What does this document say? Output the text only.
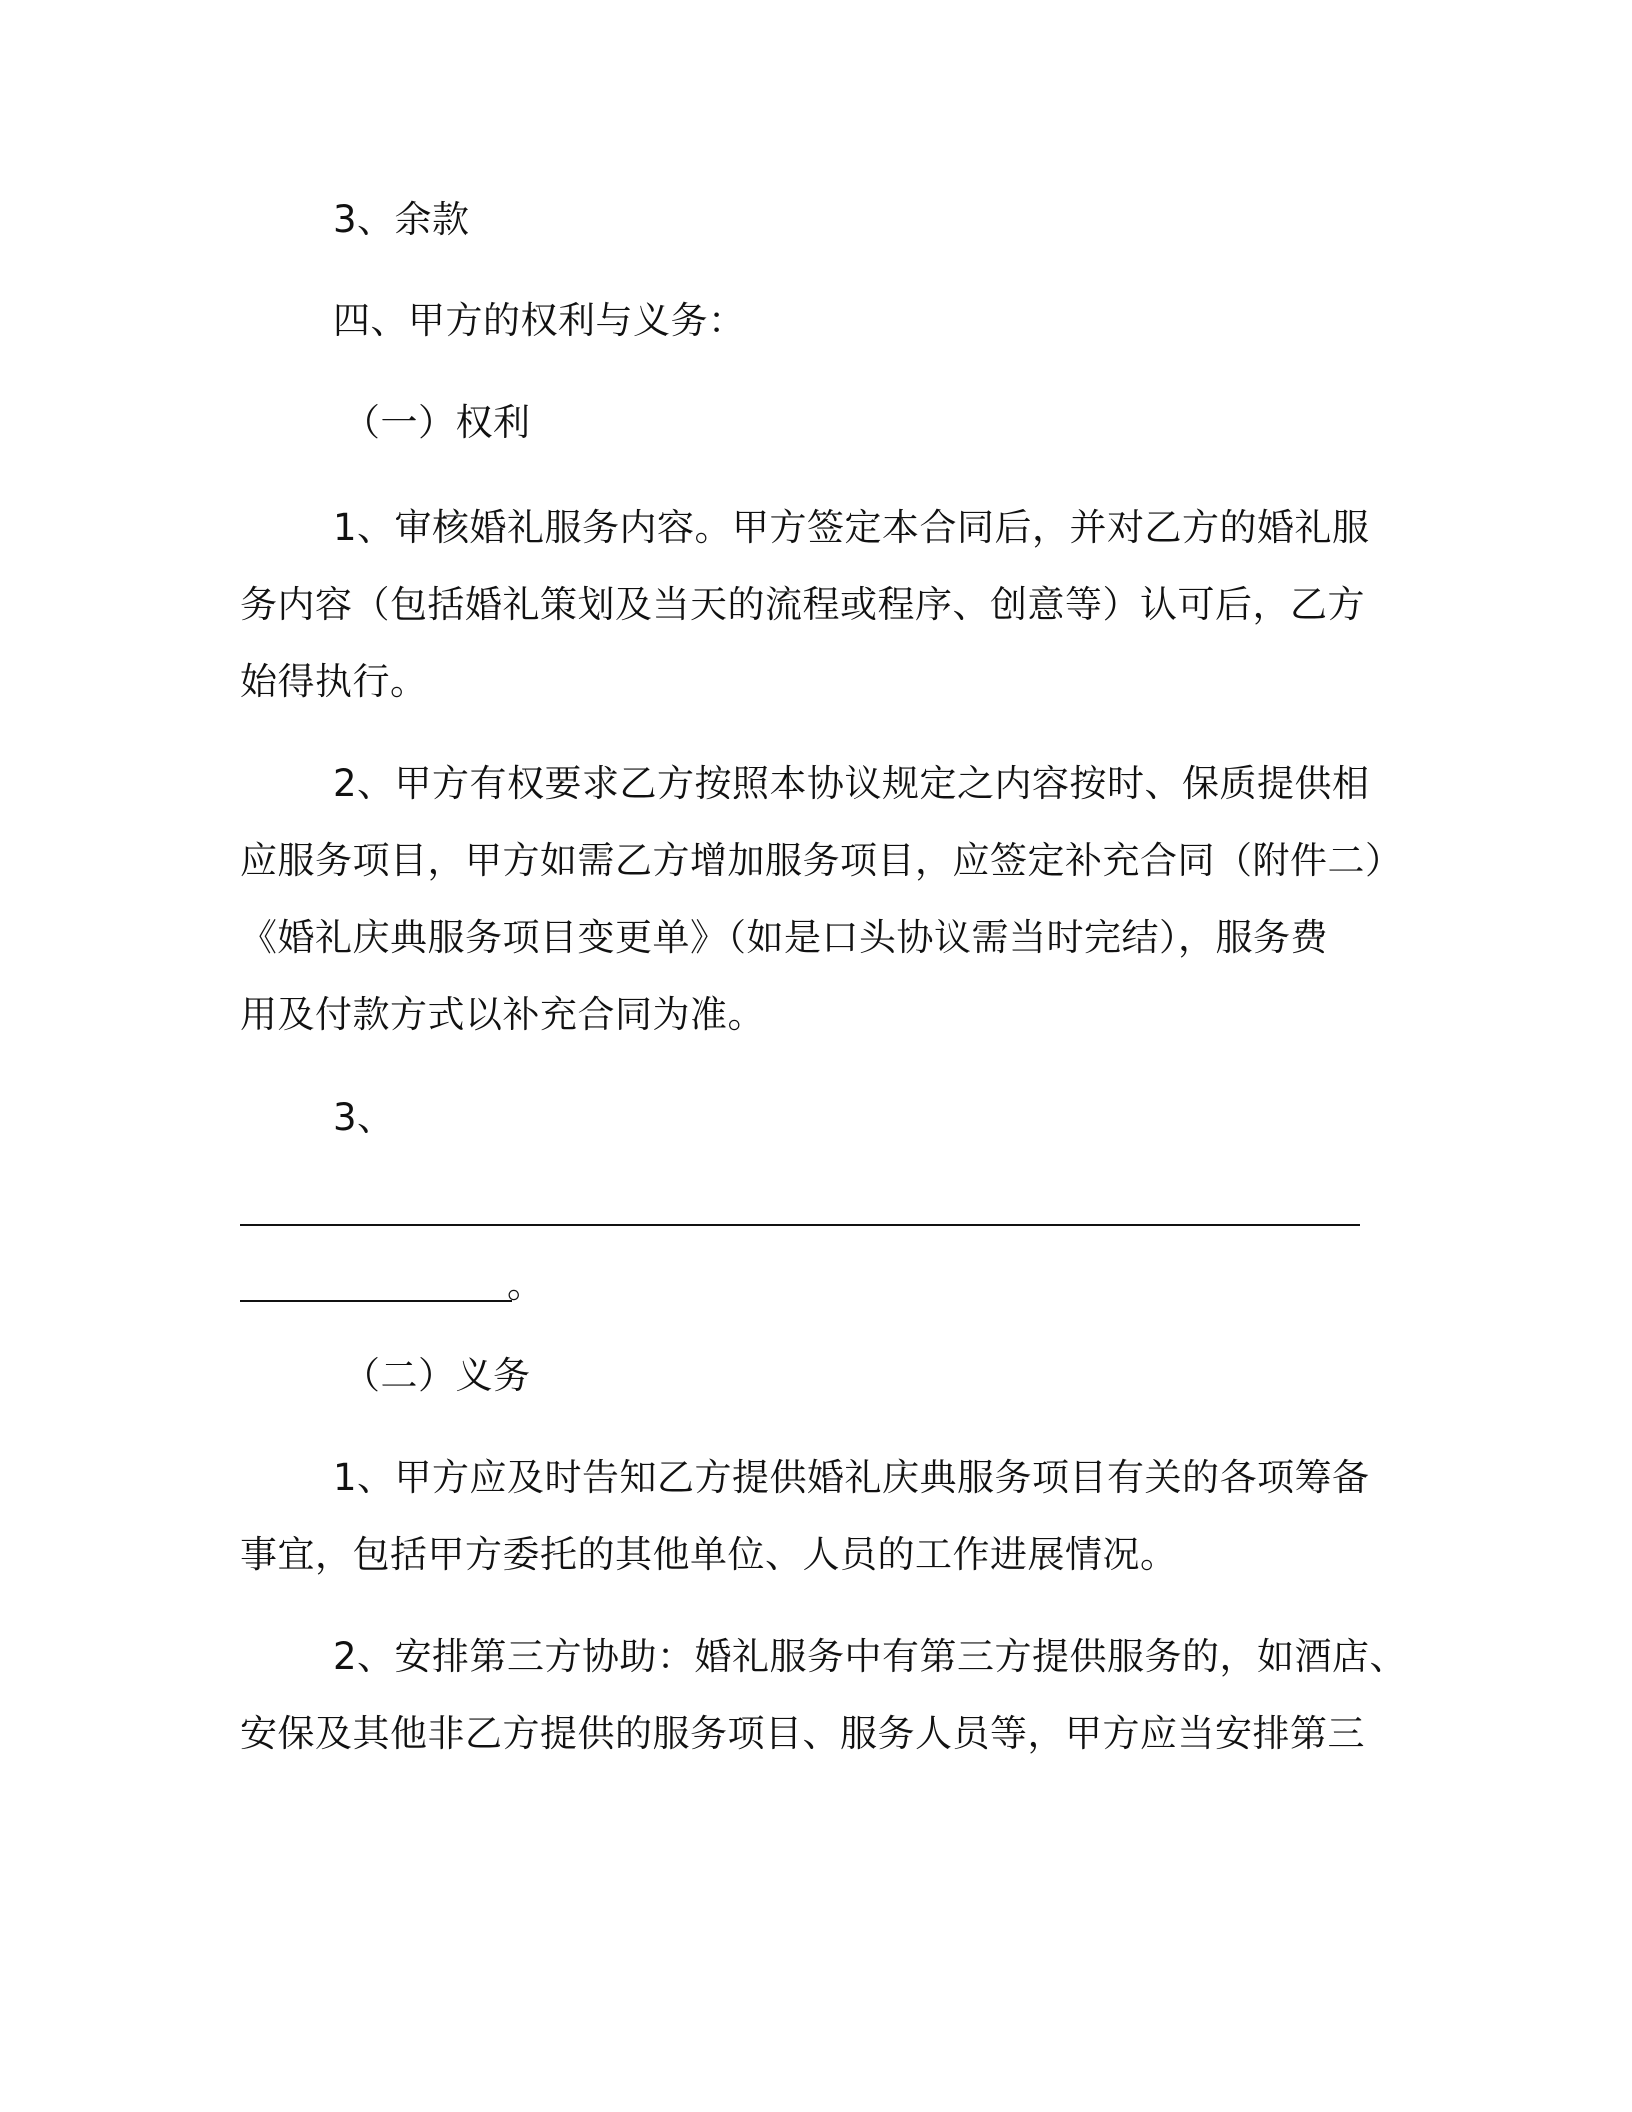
3、余款
四、甲方的权利与义务：
（一）权利
1、审核婚礼服务内容。甲方签定本合同后，并对乙方的婚礼服
务内容（包括婚礼策划及当天的流程或程序、创意等）认可后，乙方
始得执行。
2、甲方有权要求乙方按照本协议规定之内容按时、保质提供相
应服务项目，甲方如需乙方增加服务项目，应签定补充合同（附件二）
《婚礼庆典服务项目变更单》（如是口头协议需当时完结），服务费
用及付款方式以补充合同为准。
3、
。
（二）义务
1、甲方应及时告知乙方提供婚礼庆典服务项目有关的各项筹备
事宜，包括甲方委托的其他单位、人员的工作进展情况。
2、安排第三方协助：婚礼服务中有第三方提供服务的，如酒店、
安保及其他非乙方提供的服务项目、服务人员等，甲方应当安排第三
